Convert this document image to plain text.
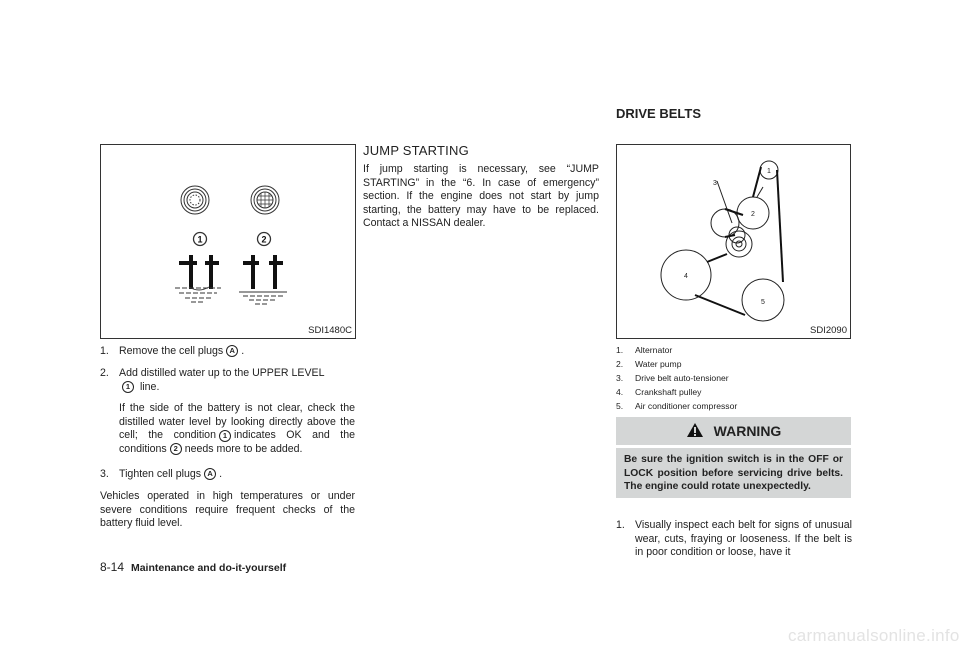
1	2
SDI1480C
1. Remove the cell plugs A .
2. Add distilled water up to the UPPER LEVEL
1 line.
If the side of the battery is not clear, check the distilled water level by looking directly above the cell; the condition 1 indicates OK and the conditions 2 needs more to be added.
3. Tighten cell plugs A .
Vehicles operated in high temperatures or under severe conditions require frequent checks of the battery fluid level.
JUMP STARTING
If jump starting is necessary, see “JUMP STARTING” in the “6. In case of emergency” section. If the engine does not start by jump starting, the battery may have to be replaced. Contact a NISSAN dealer.
DRIVE BELTS
1
2
3
4
5
SDI2090
1. Alternator
2. Water pump
3. Drive belt auto-tensioner
4. Crankshaft pulley
5. Air conditioner compressor
WARNING
Be sure the ignition switch is in the OFF or LOCK position before servicing drive belts. The engine could rotate unexpectedly.
1. Visually inspect each belt for signs of unusual wear, cuts, fraying or looseness. If the belt is in poor condition or loose, have it
8-14 Maintenance and do-it-yourself
carmanualsonline.info
